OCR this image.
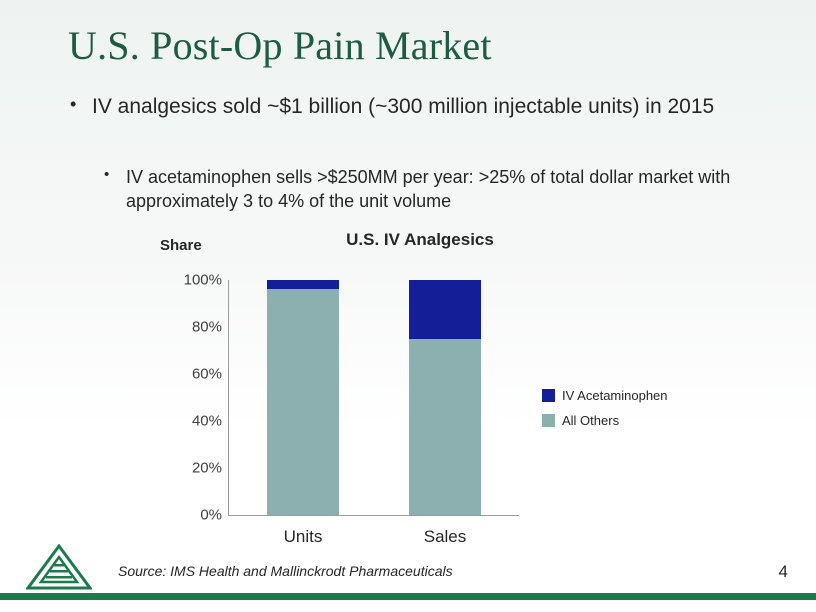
U.S. Post-Op Pain Market
• IV analgesics sold ~$1 billion (~300 million injectable units) in 2015
• IV acetaminophen sells >$250MM per year: >25% of total dollar market with approximately 3 to 4% of the unit volume
Share	U.S. IV Analgesics
0%
20%
40%
60%
80%
100%
Units	Sales
IV Acetaminophen
All Others
Source: IMS Health and Mallinckrodt Pharmaceuticals	4
